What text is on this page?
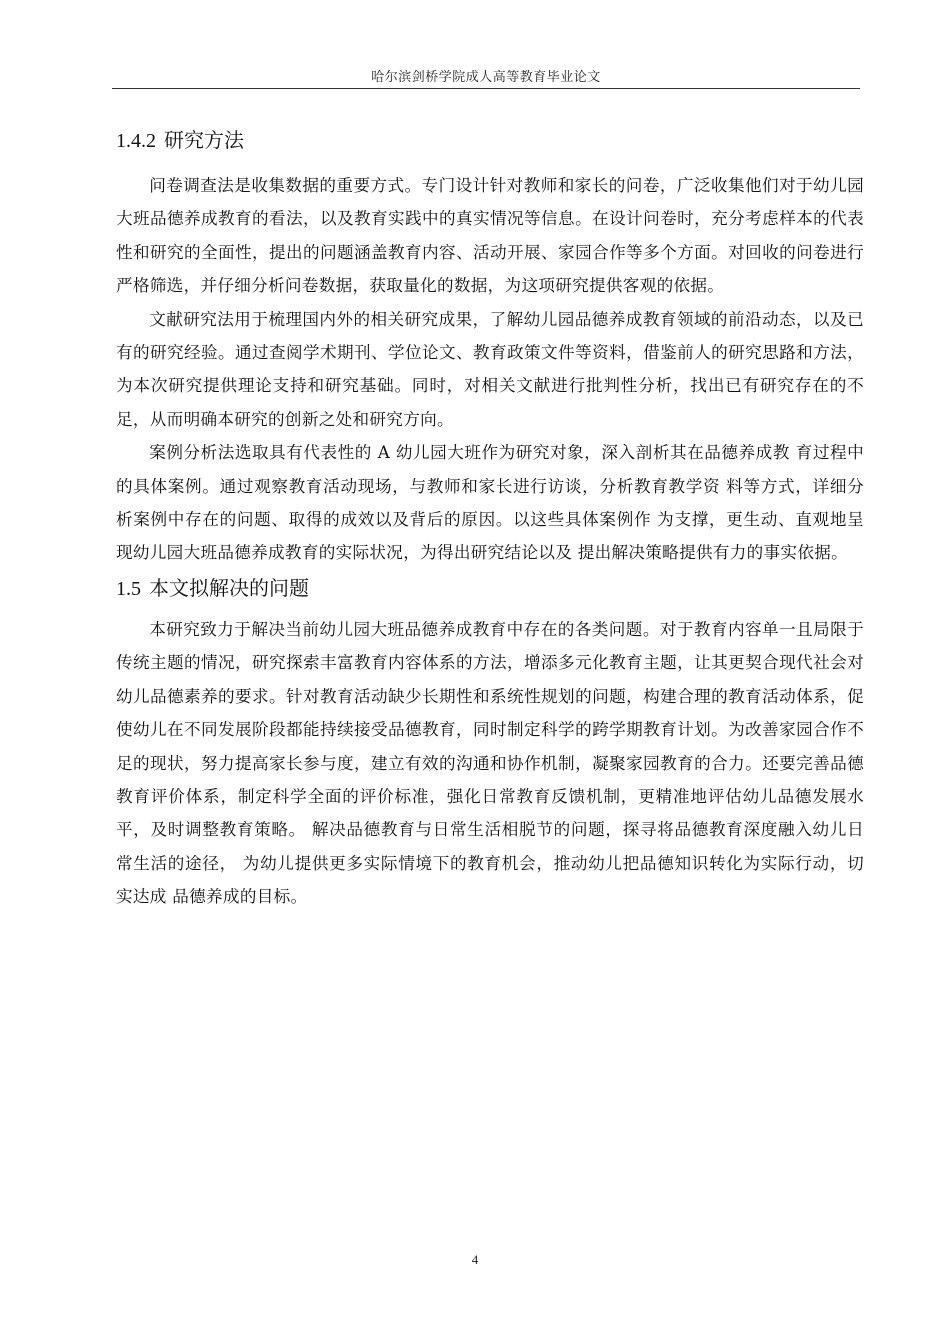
哈尔滨剑桥学院成人高等教育毕业论文
1.4.2 研究方法

问卷调查法是收集数据的重要方式。专门设计针对教师和家长的问卷，广泛收集他们对于幼儿园大班品德养成教育的看法，以及教育实践中的真实情况等信息。在设计问卷时，充分考虑样本的代表性和研究的全面性，提出的问题涵盖教育内容、活动开展、家园合作等多个方面。对回收的问卷进行严格筛选，并仔细分析问卷数据，获取量化的数据，为这项研究提供客观的依据。

文献研究法用于梳理国内外的相关研究成果，了解幼儿园品德养成教育领域的前沿动态，以及已有的研究经验。通过查阅学术期刊、学位论文、教育政策文件等资料，借鉴前人的研究思路和方法，为本次研究提供理论支持和研究基础。同时，对相关文献进行批判性分析，找出已有研究存在的不足，从而明确本研究的创新之处和研究方向。

案例分析法选取具有代表性的 A 幼儿园大班作为研究对象，深入剖析其在品德养成教 育过程中的具体案例。通过观察教育活动现场，与教师和家长进行访谈，分析教育教学资 料等方式，详细分析案例中存在的问题、取得的成效以及背后的原因。以这些具体案例作 为支撑，更生动、直观地呈现幼儿园大班品德养成教育的实际状况，为得出研究结论以及 提出解决策略提供有力的事实依据。

1.5 本文拟解决的问题

本研究致力于解决当前幼儿园大班品德养成教育中存在的各类问题。对于教育内容单一且局限于传统主题的情况，研究探索丰富教育内容体系的方法，增添多元化教育主题，让其更契合现代社会对幼儿品德素养的要求。针对教育活动缺少长期性和系统性规划的问题，构建合理的教育活动体系，促使幼儿在不同发展阶段都能持续接受品德教育，同时制定科学的跨学期教育计划。为改善家园合作不足的现状，努力提高家长参与度，建立有效的沟通和协作机制，凝聚家园教育的合力。还要完善品德教育评价体系，制定科学全面的评价标准，强化日常教育反馈机制，更精准地评估幼儿品德发展水平，及时调整教育策略。 解决品德教育与日常生活相脱节的问题，探寻将品德教育深度融入幼儿日常生活的途径， 为幼儿提供更多实际情境下的教育机会，推动幼儿把品德知识转化为实际行动，切实达成 品德养成的目标。

4
